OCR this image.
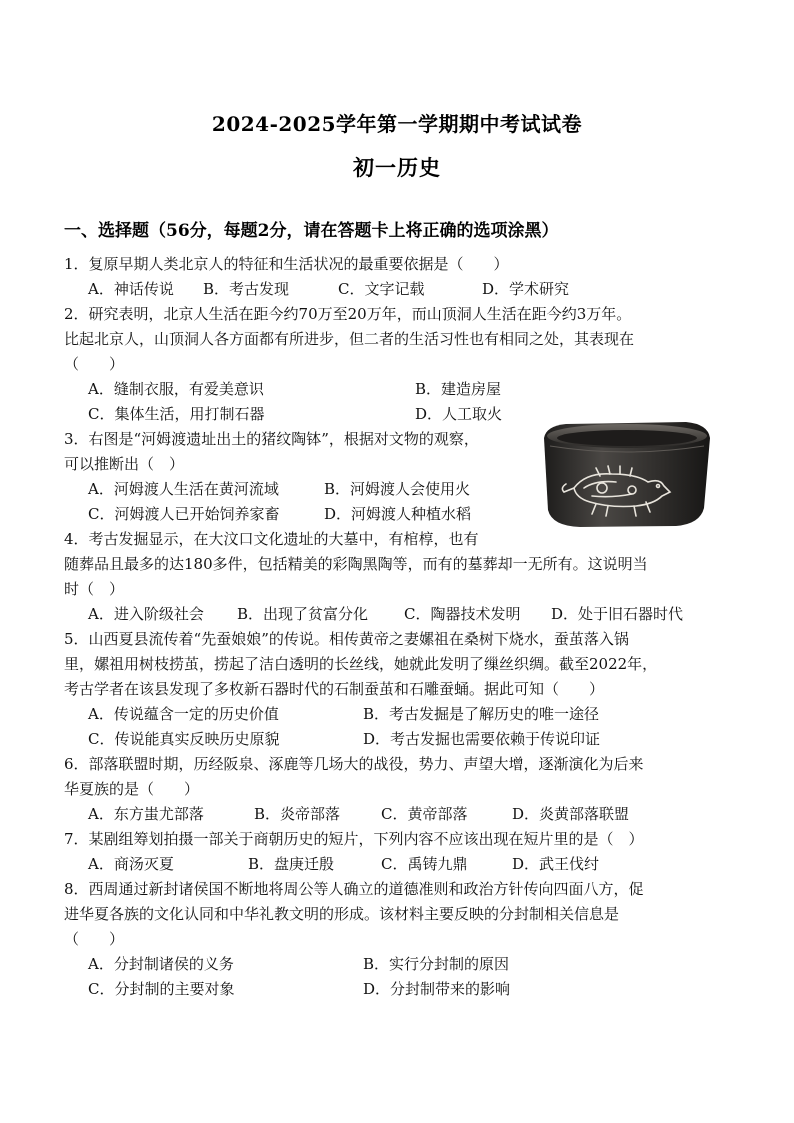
2024-2025学年第一学期期中考试试卷
初一历史
一、选择题（56分，每题2分，请在答题卡上将正确的选项涂黑）
1．复原早期人类北京人的特征和生活状况的最重要依据是（　　）
A．神话传说 B．考古发现	C．文字记载	D．学术研究
2．研究表明，北京人生活在距今约70万至20万年，而山顶洞人生活在距今约3万年。
比起北京人，山顶洞人各方面都有所进步，但二者的生活习性也有相同之处，其表现在
（　　）
A．缝制衣服，有爱美意识	B．建造房屋
C．集体生活，用打制石器	D．人工取火
3．右图是“河姆渡遗址出土的猪纹陶钵”，根据对文物的观察，
可以推断出（　）
A．河姆渡人生活在黄河流域	B．河姆渡人会使用火
C．河姆渡人已开始饲养家畜	D．河姆渡人种植水稻
4．考古发掘显示，在大汶口文化遗址的大墓中，有棺椁，也有
随葬品且最多的达180多件，包括精美的彩陶黑陶等，而有的墓葬却一无所有。这说明当
时（　）
A．进入阶级社会 B．出现了贫富分化 C．陶器技术发明 D．处于旧石器时代
5．山西夏县流传着“先蚕娘娘”的传说。相传黄帝之妻嫘祖在桑树下烧水，蚕茧落入锅
里，嫘祖用树枝捞茧，捞起了洁白透明的长丝线，她就此发明了缫丝织绸。截至2022年，
考古学者在该县发现了多枚新石器时代的石制蚕茧和石雕蚕蛹。据此可知（　　）
A．传说蕴含一定的历史价值	B．考古发掘是了解历史的唯一途径
C．传说能真实反映历史原貌	D．考古发掘也需要依赖于传说印证
6．部落联盟时期，历经阪泉、涿鹿等几场大的战役，势力、声望大增，逐渐演化为后来
华夏族的是（　　）
A．东方蚩尤部落	B．炎帝部落	C．黄帝部落	D．炎黄部落联盟
7．某剧组筹划拍摄一部关于商朝历史的短片，下列内容不应该出现在短片里的是（　）
A．商汤灭夏	B．盘庚迁殷	C．禹铸九鼎	D．武王伐纣
8．西周通过新封诸侯国不断地将周公等人确立的道德准则和政治方针传向四面八方，促
进华夏各族的文化认同和中华礼教文明的形成。该材料主要反映的分封制相关信息是
（　　）
A．分封制诸侯的义务	B．实行分封制的原因
C．分封制的主要对象	D．分封制带来的影响
